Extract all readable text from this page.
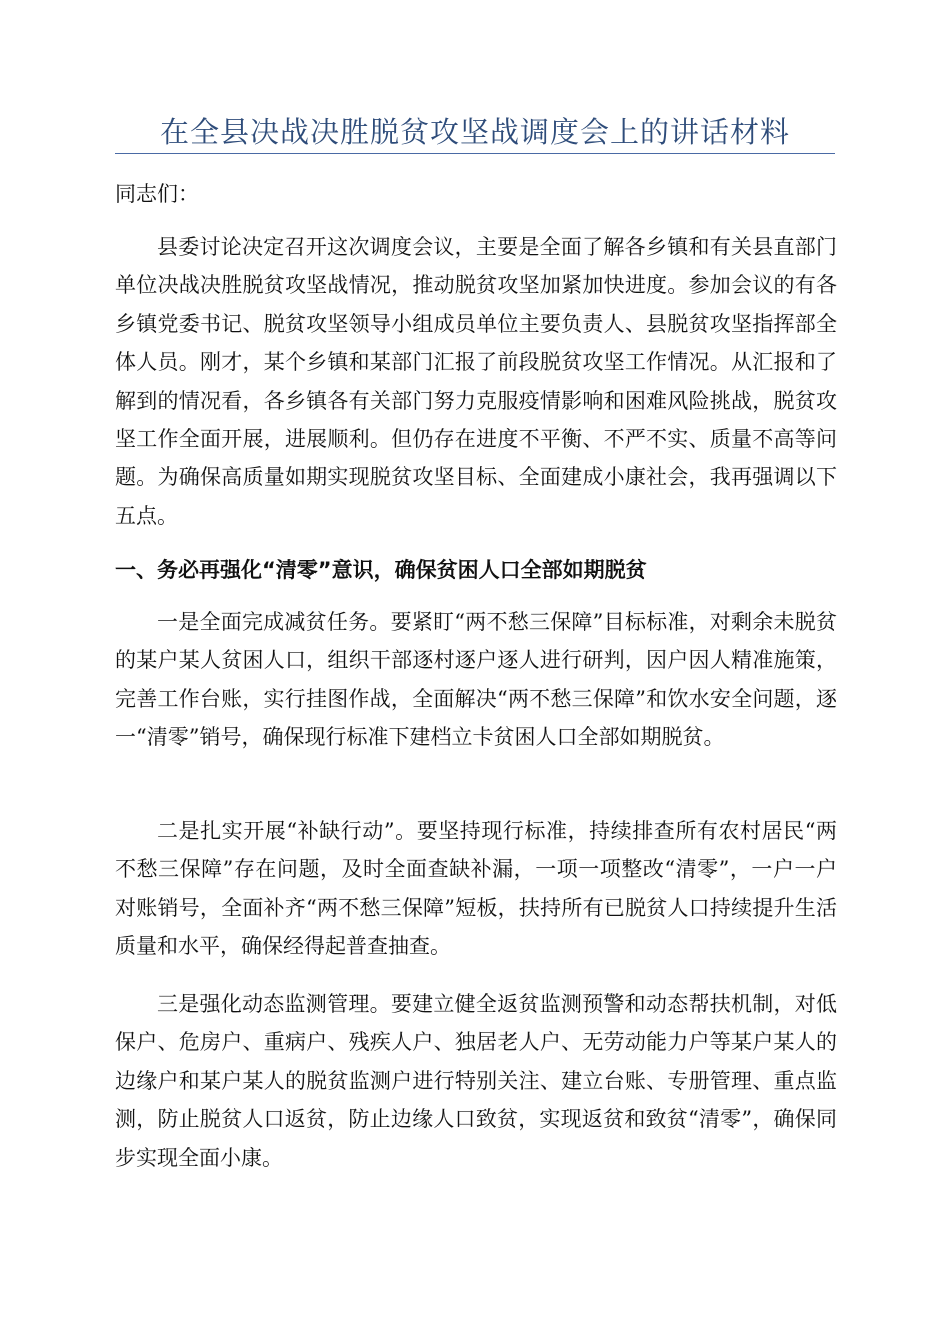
在全县决战决胜脱贫攻坚战调度会上的讲话材料

同志们：

县委讨论决定召开这次调度会议，主要是全面了解各乡镇和有关县直部门单位决战决胜脱贫攻坚战情况，推动脱贫攻坚加紧加快进度。参加会议的有各乡镇党委书记、脱贫攻坚领导小组成员单位主要负责人、县脱贫攻坚指挥部全体人员。刚才，某个乡镇和某部门汇报了前段脱贫攻坚工作情况。从汇报和了解到的情况看，各乡镇各有关部门努力克服疫情影响和困难风险挑战，脱贫攻坚工作全面开展，进展顺利。但仍存在进度不平衡、不严不实、质量不高等问题。为确保高质量如期实现脱贫攻坚目标、全面建成小康社会，我再强调以下五点。

一、务必再强化“清零”意识，确保贫困人口全部如期脱贫

一是全面完成减贫任务。要紧盯“两不愁三保障”目标标准，对剩余未脱贫的某户某人贫困人口，组织干部逐村逐户逐人进行研判，因户因人精准施策，完善工作台账，实行挂图作战，全面解决“两不愁三保障”和饮水安全问题，逐一“清零”销号，确保现行标准下建档立卡贫困人口全部如期脱贫。

二是扎实开展“补缺行动”。要坚持现行标准，持续排查所有农村居民“两不愁三保障”存在问题，及时全面查缺补漏，一项一项整改“清零”，一户一户对账销号，全面补齐“两不愁三保障”短板，扶持所有已脱贫人口持续提升生活质量和水平，确保经得起普查抽查。

三是强化动态监测管理。要建立健全返贫监测预警和动态帮扶机制，对低保户、危房户、重病户、残疾人户、独居老人户、无劳动能力户等某户某人的边缘户和某户某人的脱贫监测户进行特别关注、建立台账、专册管理、重点监测，防止脱贫人口返贫，防止边缘人口致贫，实现返贫和致贫“清零”，确保同步实现全面小康。
